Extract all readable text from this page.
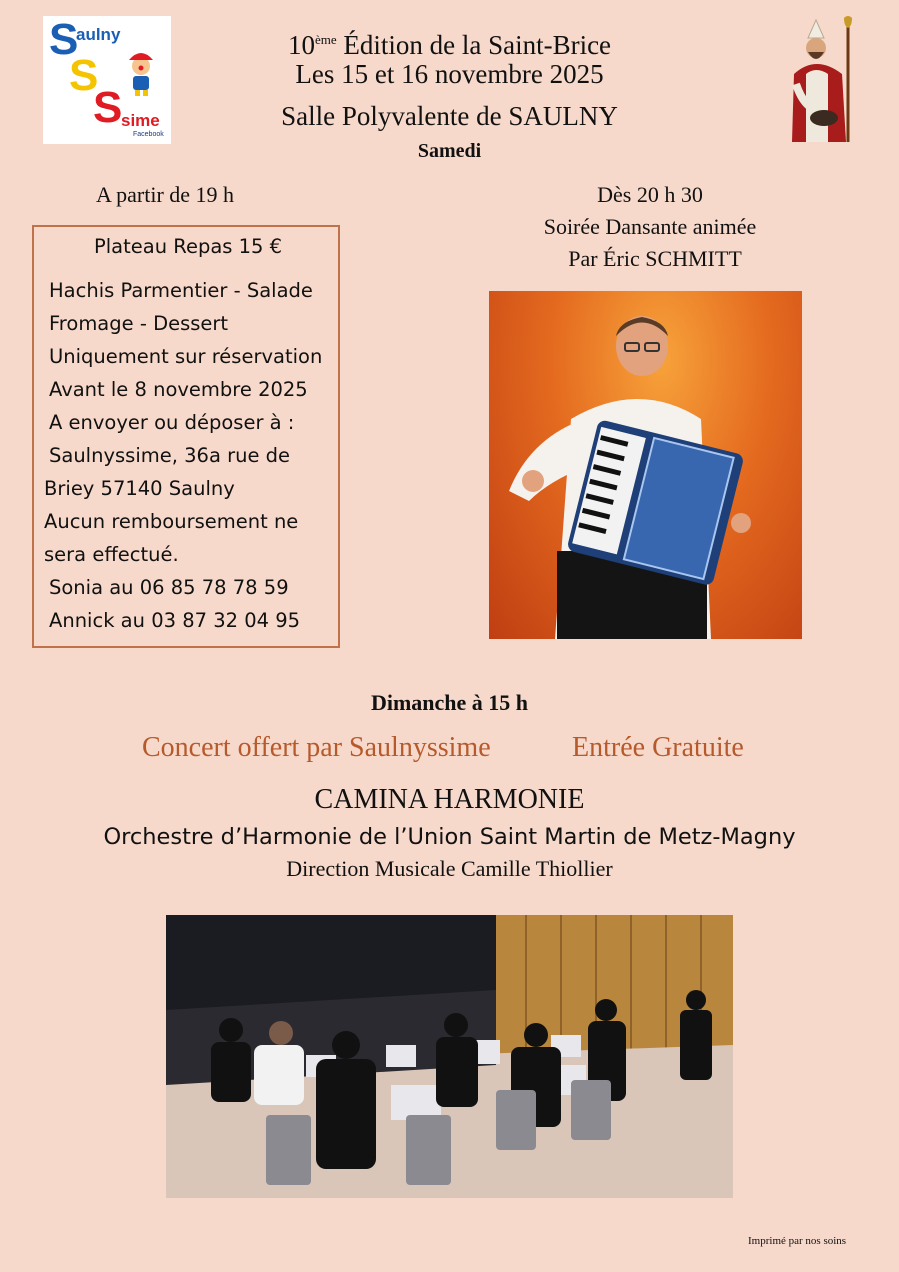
S
aulny
S
S
sime
Facebook
10ème Édition de la Saint-Brice
Les 15 et 16 novembre 2025
Salle Polyvalente de SAULNY
Samedi
A partir de 19 h	Dès 20 h 30
Soirée Dansante animée
Par Éric SCHMITT
Plateau Repas 15 €
Hachis Parmentier - Salade
Fromage - Dessert
Uniquement sur réservation
Avant le 8 novembre 2025
A envoyer ou déposer à :
Saulnyssime, 36a rue de
Briey 57140 Saulny
Aucun remboursement ne
sera effectué.
Sonia au 06 85 78 78 59
Annick au 03 87 32 04 95
Dimanche à 15 h
Concert offert par Saulnyssime	Entrée Gratuite
CAMINA HARMONIE
Orchestre d’Harmonie de l’Union Saint Martin de Metz-Magny
Direction Musicale Camille Thiollier
Imprimé par nos soins
